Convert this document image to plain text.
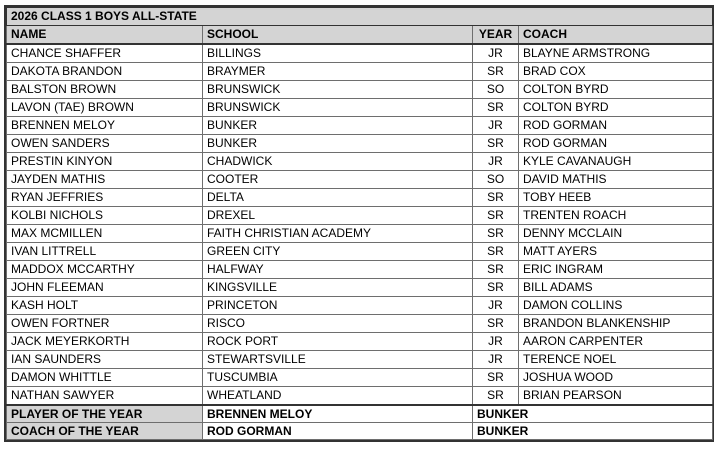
2026 CLASS 1 BOYS ALL-STATE			
NAME	SCHOOL	YEAR	COACH
CHANCE SHAFFER	BILLINGS	JR	BLAYNE ARMSTRONG
DAKOTA BRANDON	BRAYMER	SR	BRAD COX
BALSTON BROWN	BRUNSWICK	SO	COLTON BYRD
LAVON (TAE) BROWN	BRUNSWICK	SR	COLTON BYRD
BRENNEN MELOY	BUNKER	JR	ROD GORMAN
OWEN SANDERS	BUNKER	SR	ROD GORMAN
PRESTIN KINYON	CHADWICK	JR	KYLE CAVANAUGH
JAYDEN MATHIS	COOTER	SO	DAVID MATHIS
RYAN JEFFRIES	DELTA	SR	TOBY HEEB
KOLBI NICHOLS	DREXEL	SR	TRENTEN ROACH
MAX MCMILLEN	FAITH CHRISTIAN ACADEMY	SR	DENNY MCCLAIN
IVAN LITTRELL	GREEN CITY	SR	MATT AYERS
MADDOX MCCARTHY	HALFWAY	SR	ERIC INGRAM
JOHN FLEEMAN	KINGSVILLE	SR	BILL ADAMS
KASH HOLT	PRINCETON	JR	DAMON COLLINS
OWEN FORTNER	RISCO	SR	BRANDON BLANKENSHIP
JACK MEYERKORTH	ROCK PORT	JR	AARON CARPENTER
IAN SAUNDERS	STEWARTSVILLE	JR	TERENCE NOEL
DAMON WHITTLE	TUSCUMBIA	SR	JOSHUA WOOD
NATHAN SAWYER	WHEATLAND	SR	BRIAN PEARSON
PLAYER OF THE YEAR	BRENNEN MELOY	BUNKER	
COACH OF THE YEAR	ROD GORMAN	BUNKER	
